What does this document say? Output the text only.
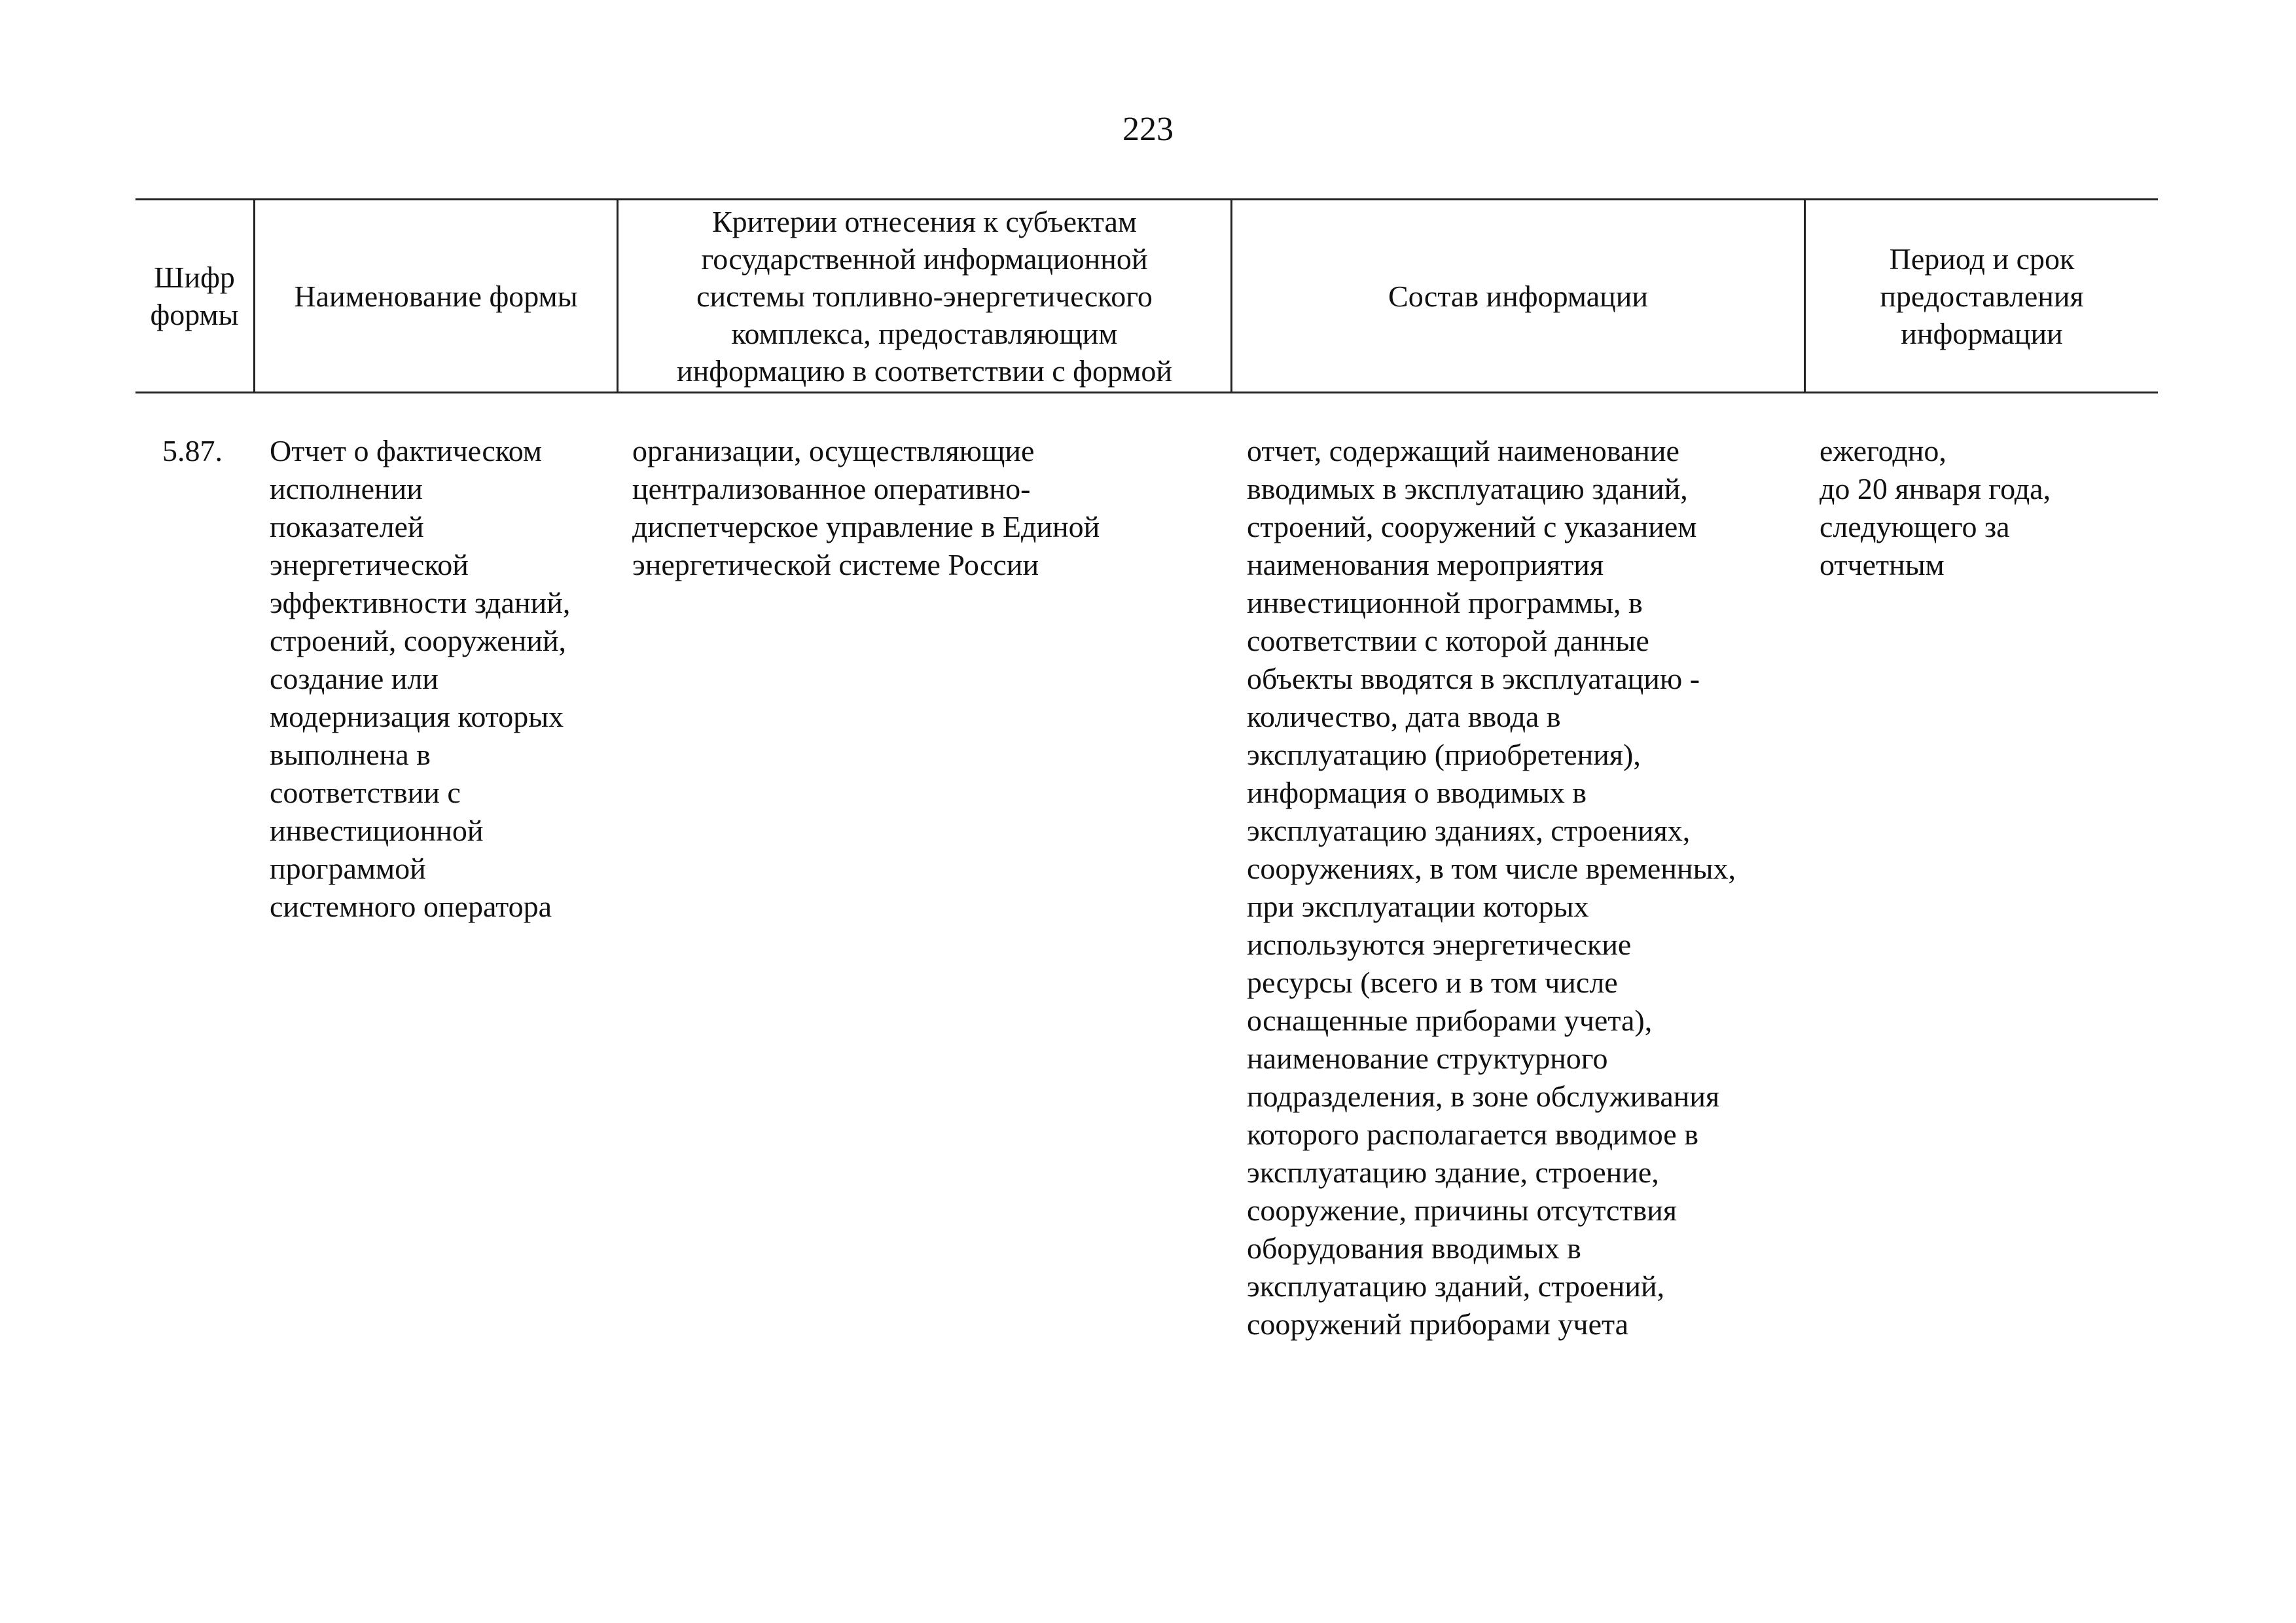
223
Шифр
формы
Наименование формы
Критерии отнесения к субъектам
государственной информационной
системы топливно-энергетического
комплекса, предоставляющим
информацию в соответствии с формой
Состав информации
Период и срок
предоставления
информации
5.87.	Отчет о фактическом
исполнении
показателей
энергетической
эффективности зданий,
строений, сооружений,
создание или
модернизация которых
выполнена в
соответствии с
инвестиционной
программой
системного оператора
организации, осуществляющие
централизованное оперативно-
диспетчерское управление в Единой
энергетической системе России
отчет, содержащий наименование
вводимых в эксплуатацию зданий,
строений, сооружений с указанием
наименования мероприятия
инвестиционной программы, в
соответствии с которой данные
объекты вводятся в эксплуатацию -
количество, дата ввода в
эксплуатацию (приобретения),
информация о вводимых в
эксплуатацию зданиях, строениях,
сооружениях, в том числе временных,
при эксплуатации которых
используются энергетические
ресурсы (всего и в том числе
оснащенные приборами учета),
наименование структурного
подразделения, в зоне обслуживания
которого располагается вводимое в
эксплуатацию здание, строение,
сооружение, причины отсутствия
оборудования вводимых в
эксплуатацию зданий, строений,
сооружений приборами учета
ежегодно,
до 20 января года,
следующего за
отчетным
